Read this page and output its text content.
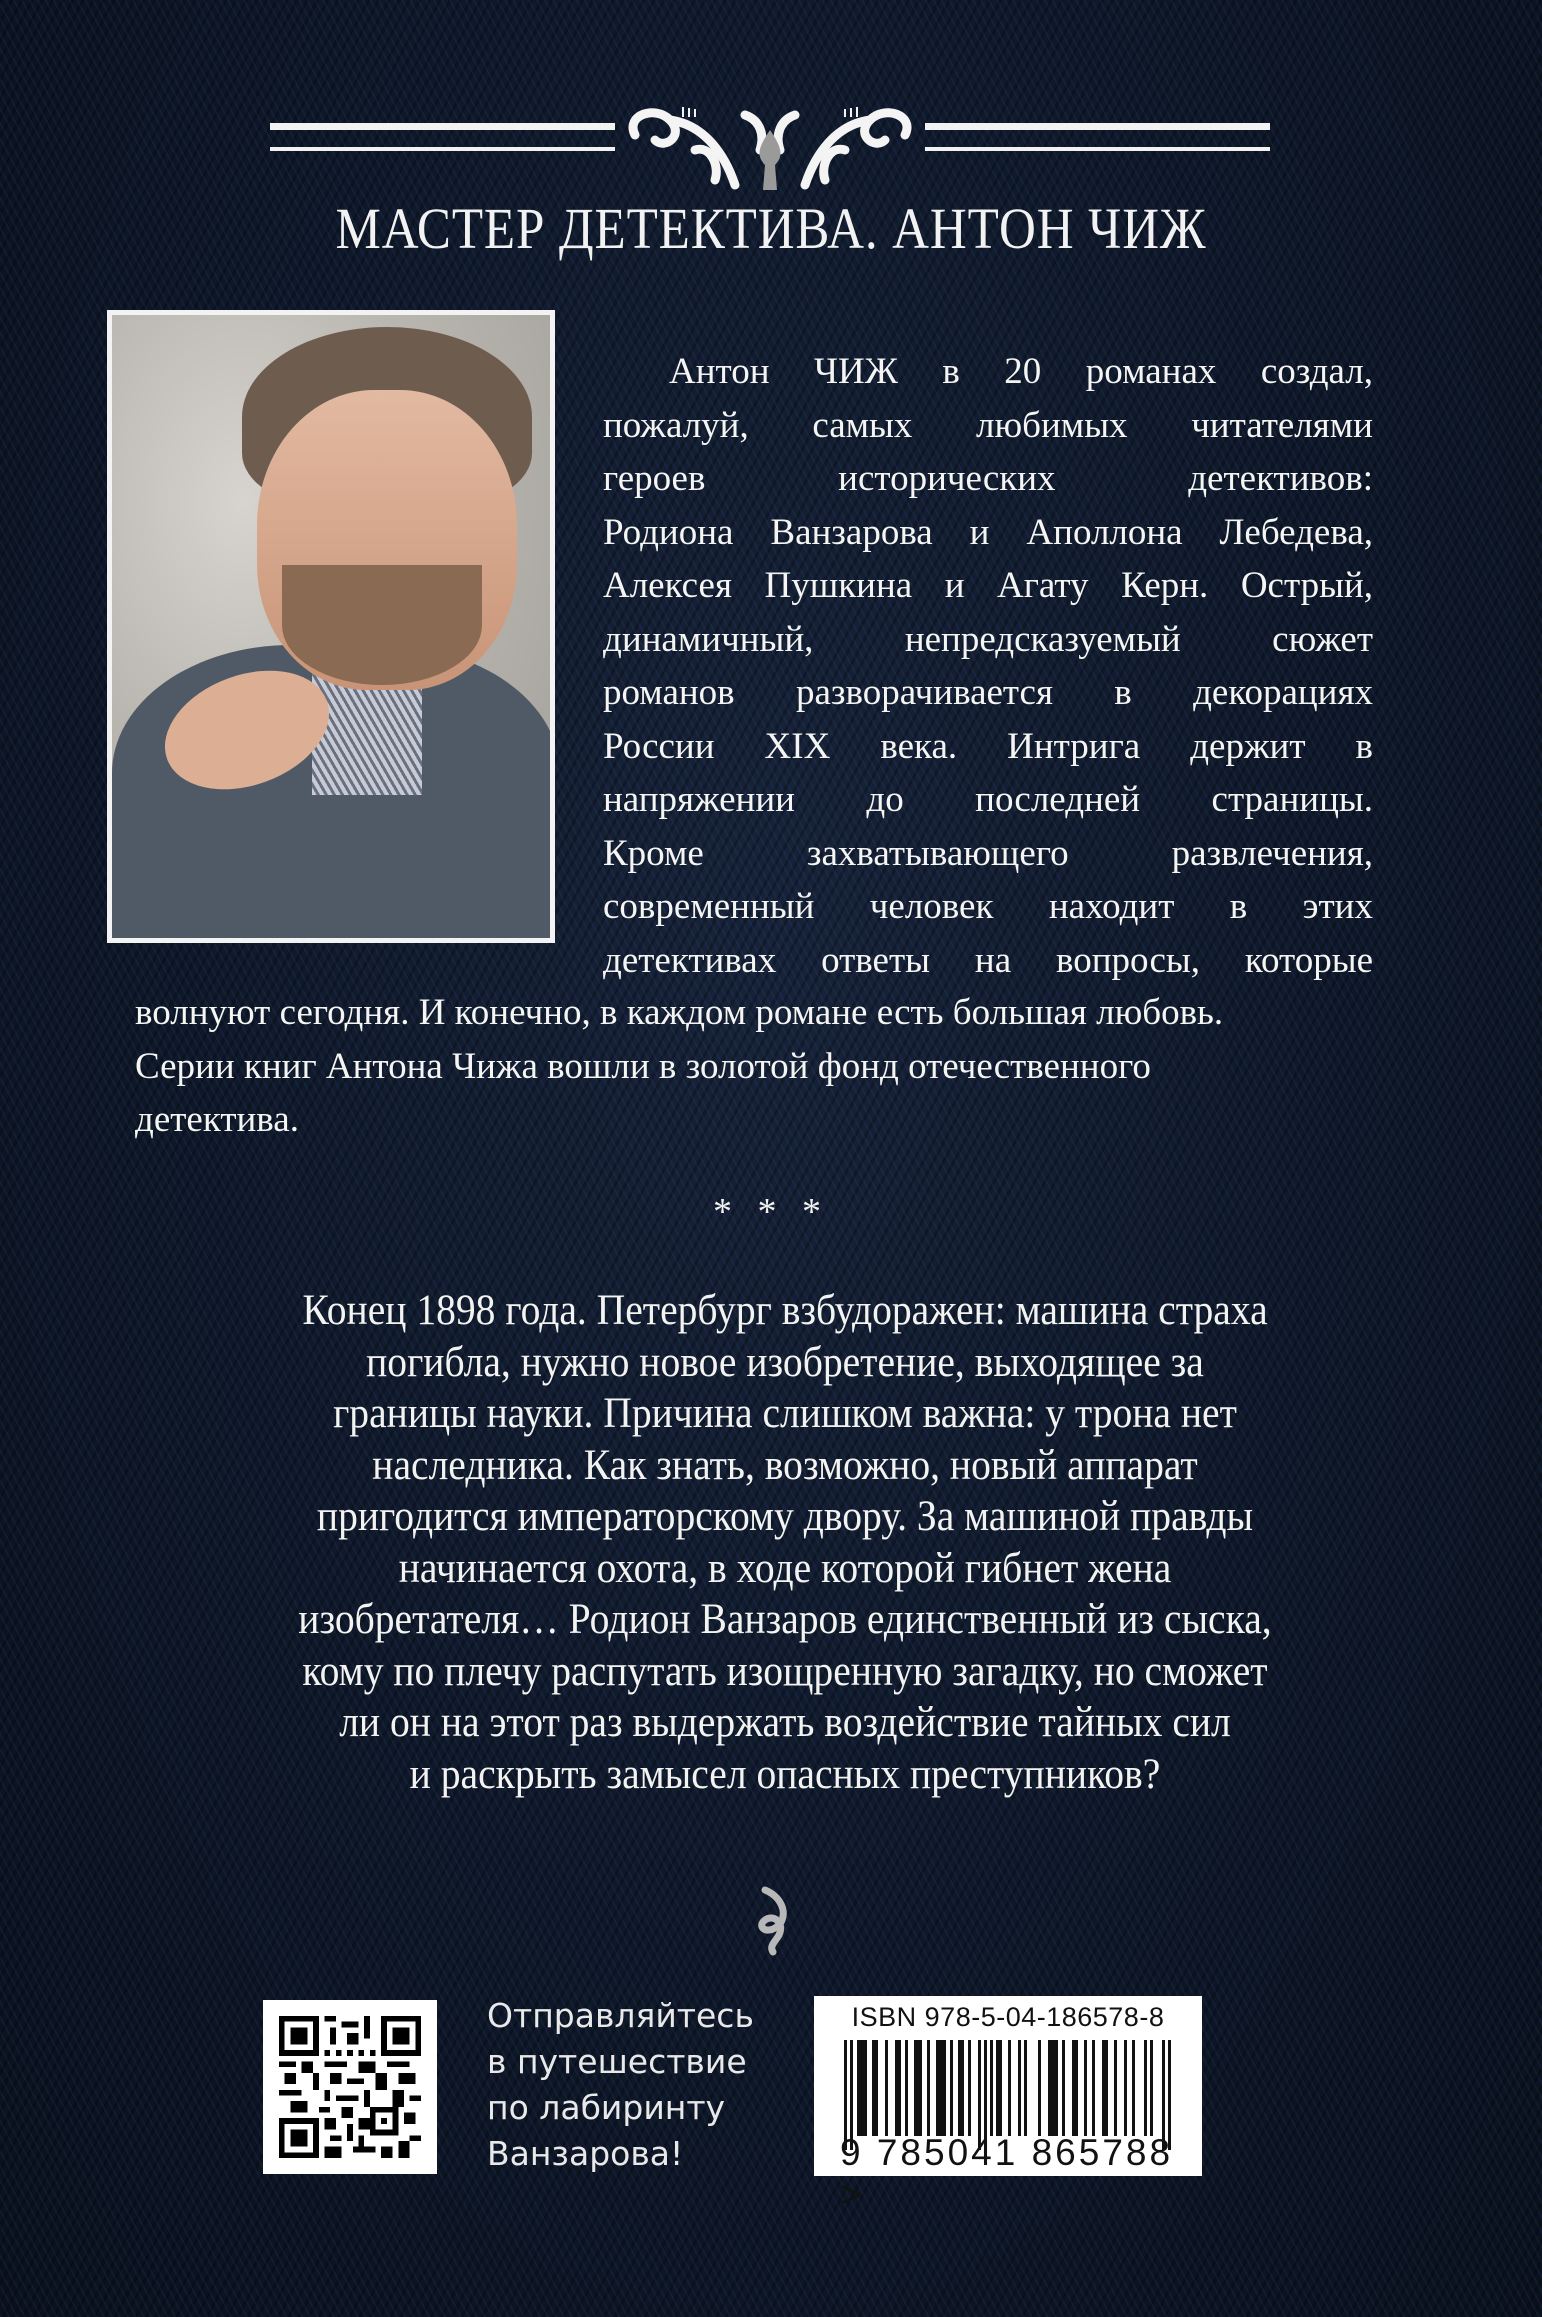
МАСТЕР ДЕТЕКТИВА. АНТОН ЧИЖ
Антон ЧИЖ в 20 романах создал,
пожалуй, самых любимых читателями
героев исторических детективов:
Родиона Ванзарова и Аполлона Лебедева,
Алексея Пушкина и Агату Керн. Острый,
динамичный, непредсказуемый сюжет
романов разворачивается в декорациях
России XIX века. Интрига держит в
напряжении до последней страницы.
Кроме захватывающего развлечения,
современный человек находит в этих
детективах ответы на вопросы, которые
волнуют сегодня. И конечно, в каждом романе есть большая любовь.
Серии книг Антона Чижа вошли в золотой фонд отечественного
детектива.
* * *
Конец 1898 года. Петербург взбудоражен: машина страха
погибла, нужно новое изобретение, выходящее за
границы науки. Причина слишком важна: у трона нет
наследника. Как знать, возможно, новый аппарат
пригодится императорскому двору. За машиной правды
начинается охота, в ходе которой гибнет жена
изобретателя… Родион Ванзаров единственный из сыска,
кому по плечу распутать изощренную загадку, но сможет
ли он на этот раз выдержать воздействие тайных сил
и раскрыть замысел опасных преступников?
Отправляйтесь
в путешествие
по лабиринту
Ванзарова!
ISBN 978-5-04-186578-8
9 785041 865788 >
